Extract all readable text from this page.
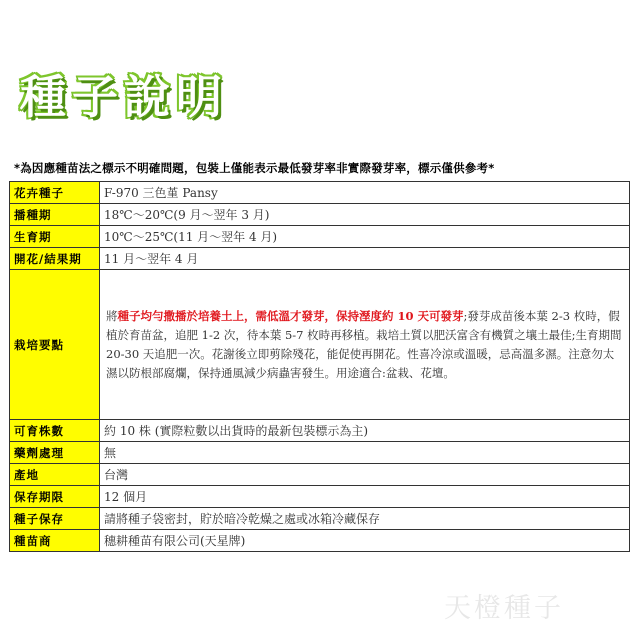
種子說明
*為因應種苗法之標示不明確問題，包裝上僅能表示最低發芽率非實際發芽率，標示僅供參考*
花卉種子	F-970 三色堇 Pansy
播種期	18℃～20℃(9 月～翌年 3 月)
生育期	10℃～25℃(11 月～翌年 4 月)
開花/結果期	11 月～翌年 4 月
栽培要點	將種子均勻撒播於培養土上，需低溫才發芽，保持溼度約 10 天可發芽;發芽成苗後本葉 2-3 枚時，假植於育苗盆，追肥 1-2 次，待本葉 5-7 枚時再移植。栽培土質以肥沃富含有機質之壤土最佳;生育期間 20-30 天追肥一次。花謝後立即剪除殘花，能促使再開花。性喜冷涼或溫暖，忌高溫多濕。注意勿太濕以防根部腐爛，保持通風減少病蟲害發生。用途適合:盆栽、花壇。

可育株數	約 10 株 (實際粒數以出貨時的最新包裝標示為主)
藥劑處理	無
產地	台灣
保存期限	12 個月
種子保存	請將種子袋密封，貯於暗冷乾燥之處或冰箱冷藏保存
種苗商	穗耕種苗有限公司(天星牌)
天橙種子
